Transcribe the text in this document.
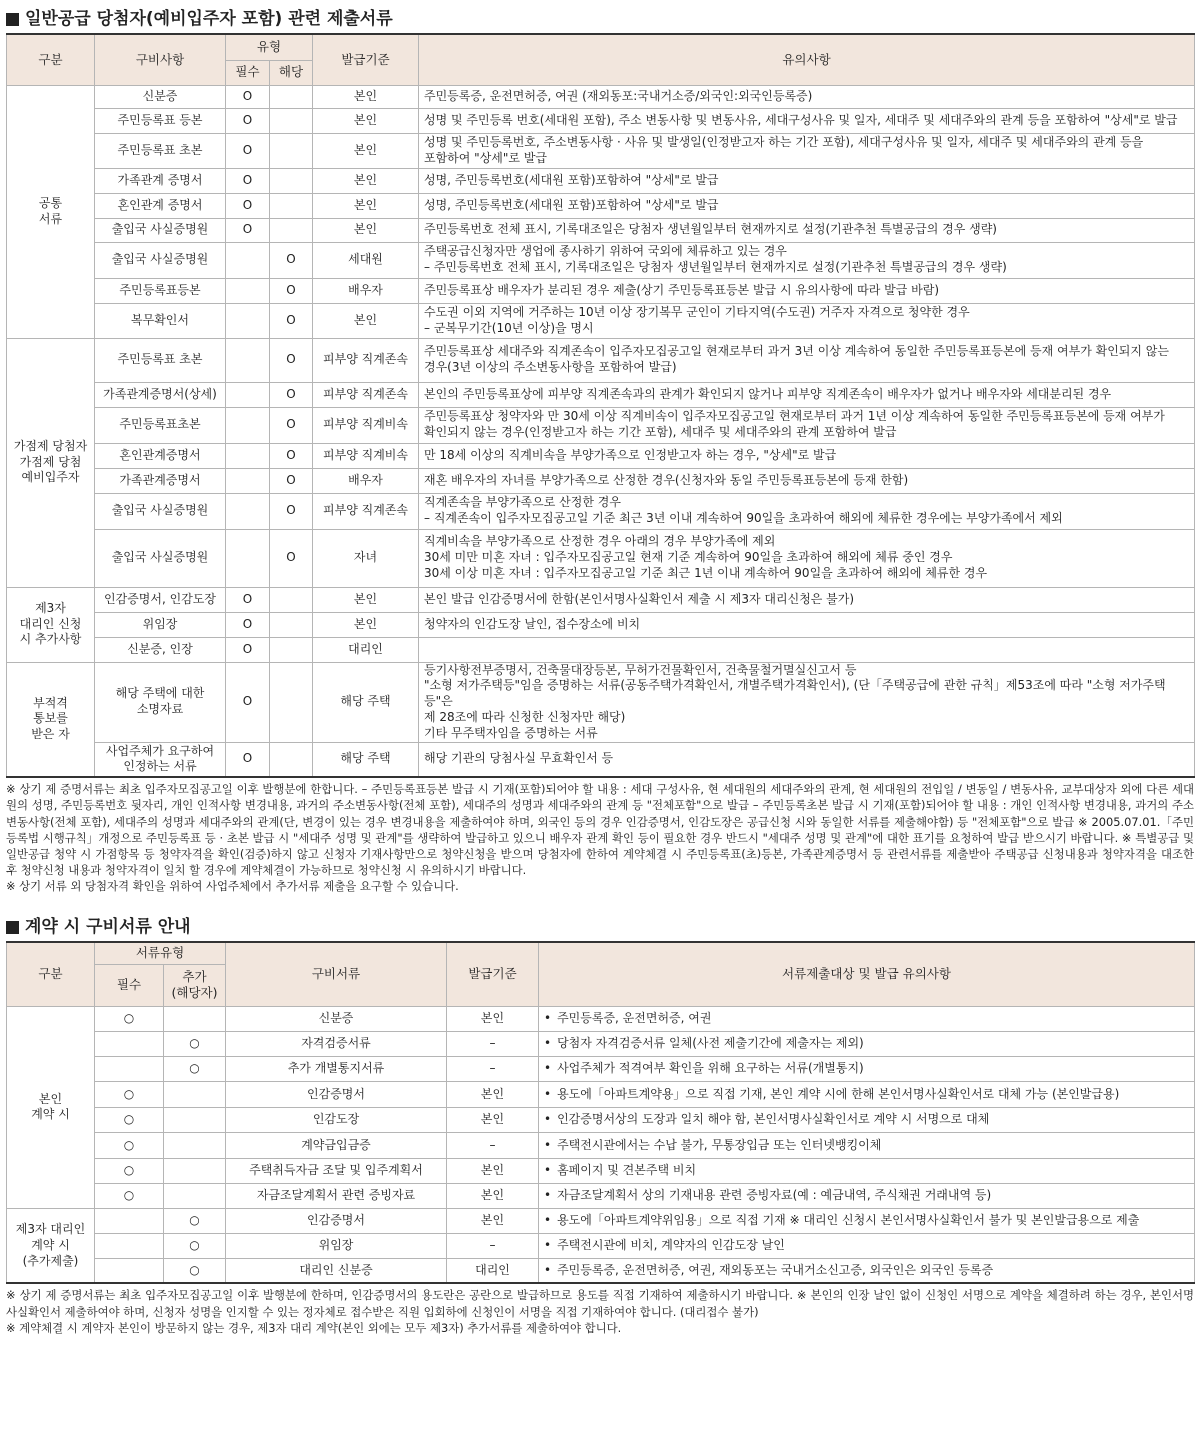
일반공급 당첨자(예비입주자 포함) 관련 제출서류
구분	구비사항	유형		발급기준	유의사항
		필수	해당		
공통
서류	신분증	O		본인	주민등록증, 운전면허증, 여권 (재외동포:국내거소증/외국인:외국인등록증)
	주민등록표 등본	O		본인	성명 및 주민등록 번호(세대원 포함), 주소 변동사항 및 변동사유, 세대구성사유 및 일자, 세대주 및 세대주와의 관계 등을 포함하여 "상세"로 발급
	주민등록표 초본	O		본인	성명 및 주민등록번호, 주소변동사항 · 사유 및 발생일(인정받고자 하는 기간 포함), 세대구성사유 및 일자, 세대주 및 세대주와의 관계 등을
포함하여 "상세"로 발급
	가족관계 증명서	O		본인	성명, 주민등록번호(세대원 포함)포함하여 "상세"로 발급
	혼인관계 증명서	O		본인	성명, 주민등록번호(세대원 포함)포함하여 "상세"로 발급
	출입국 사실증명원	O		본인	주민등록번호 전체 표시, 기록대조일은 당첨자 생년월일부터 현재까지로 설정(기관추천 특별공급의 경우 생략)
	출입국 사실증명원		O	세대원	주택공급신청자만 생업에 종사하기 위하여 국외에 체류하고 있는 경우
– 주민등록번호 전체 표시, 기록대조일은 당첨자 생년월일부터 현재까지로 설정(기관추천 특별공급의 경우 생략)
	주민등록표등본		O	배우자	주민등록표상 배우자가 분리된 경우 제출(상기 주민등록표등본 발급 시 유의사항에 따라 발급 바람)
	복무확인서		O	본인	수도권 이외 지역에 거주하는 10년 이상 장기복무 군인이 기타지역(수도권) 거주자 자격으로 청약한 경우
– 군복무기간(10년 이상)을 명시
가점제 당첨자
가점제 당첨
예비입주자	주민등록표 초본		O	피부양 직계존속	주민등록표상 세대주와 직계존속이 입주자모집공고일 현재로부터 과거 3년 이상 계속하여 동일한 주민등록표등본에 등재 여부가 확인되지 않는
경우(3년 이상의 주소변동사항을 포함하여 발급)
	가족관계증명서(상세)		O	피부양 직계존속	본인의 주민등록표상에 피부양 직계존속과의 관계가 확인되지 않거나 피부양 직계존속이 배우자가 없거나 배우자와 세대분리된 경우
	주민등록표초본		O	피부양 직계비속	주민등록표상 청약자와 만 30세 이상 직계비속이 입주자모집공고일 현재로부터 과거 1년 이상 계속하여 동일한 주민등록표등본에 등재 여부가
확인되지 않는 경우(인정받고자 하는 기간 포함), 세대주 및 세대주와의 관계 포함하여 발급
	혼인관계증명서		O	피부양 직계비속	만 18세 이상의 직계비속을 부양가족으로 인정받고자 하는 경우, "상세"로 발급
	가족관계증명서		O	배우자	재혼 배우자의 자녀를 부양가족으로 산정한 경우(신청자와 동일 주민등록표등본에 등재 한함)
	출입국 사실증명원		O	피부양 직계존속	직계존속을 부양가족으로 산정한 경우
– 직계존속이 입주자모집공고일 기준 최근 3년 이내 계속하여 90일을 초과하여 해외에 체류한 경우에는 부양가족에서 제외
	출입국 사실증명원		O	자녀	직계비속을 부양가족으로 산정한 경우 아래의 경우 부양가족에 제외
30세 미만 미혼 자녀 : 입주자모집공고일 현재 기준 계속하여 90일을 초과하여 해외에 체류 중인 경우
30세 이상 미혼 자녀 : 입주자모집공고일 기준 최근 1년 이내 계속하여 90일을 초과하여 해외에 체류한 경우
제3자
대리인 신청
시 추가사항	인감증명서, 인감도장	O		본인	본인 발급 인감증명서에 한함(본인서명사실확인서 제출 시 제3자 대리신청은 불가)
	위임장	O		본인	청약자의 인감도장 날인, 접수장소에 비치
	신분증, 인장	O		대리인	
부적격
통보를
받은 자	해당 주택에 대한
소명자료	O		해당 주택	등기사항전부증명서, 건축물대장등본, 무허가건물확인서, 건축물철거멸실신고서 등
"소형 저가주택등"임을 증명하는 서류(공동주택가격확인서, 개별주택가격확인서), (단「주택공급에 관한 규칙」제53조에 따라 "소형 저가주택등"은
제 28조에 따라 신청한 신청자만 해당)
기타 무주택자임을 증명하는 서류
	사업주체가 요구하여
인정하는 서류	O		해당 주택	해당 기관의 당첨사실 무효확인서 등

※ 상기 제 증명서류는 최초 입주자모집공고일 이후 발행분에 한합니다. – 주민등록표등본 발급 시 기재(포함)되어야 할 내용 : 세대 구성사유, 현 세대원의 세대주와의 관계, 현 세대원의 전입일 / 변동일 / 변동사유, 교부대상자 외에 다른 세대원의 성명, 주민등록번호 뒷자리, 개인 인적사항 변경내용, 과거의 주소변동사항(전체 포함), 세대주의 성명과 세대주와의 관계 등 "전체포함"으로 발급 – 주민등록초본 발급 시 기재(포함)되어야 할 내용 : 개인 인적사항 변경내용, 과거의 주소변동사항(전체 포함), 세대주의 성명과 세대주와의 관계(단, 변경이 있는 경우 변경내용을 제출하여야 하며, 외국인 등의 경우 인감증명서, 인감도장은 공급신청 시와 동일한 서류를 제출해야함) 등 "전체포함"으로 발급 ※ 2005.07.01.「주민등록법 시행규칙」개정으로 주민등록표 등 · 초본 발급 시 "세대주 성명 및 관계"를 생략하여 발급하고 있으니 배우자 관계 확인 등이 필요한 경우 반드시 "세대주 성명 및 관계"에 대한 표기를 요청하여 발급 받으시기 바랍니다. ※ 특별공급 및 일반공급 청약 시 가점항목 등 청약자격을 확인(검증)하지 않고 신청자 기재사항만으로 청약신청을 받으며 당첨자에 한하여 계약체결 시 주민등록표(초)등본, 가족관계증명서 등 관련서류를 제출받아 주택공급 신청내용과 청약자격을 대조한 후 청약신청 내용과 청약자격이 일치 할 경우에 계약체결이 가능하므로 청약신청 시 유의하시기 바랍니다.

※ 상기 서류 외 당첨자격 확인을 위하여 사업주체에서 추가서류 제출을 요구할 수 있습니다.

계약 시 구비서류 안내
구분	서류유형		구비서류	발급기준	서류제출대상 및 발급 유의사항
	필수	추가
(해당자)			
본인
계약 시	○		신분증	본인	• 주민등록증, 운전면허증, 여권
		○	자격검증서류	–	• 당첨자 자격검증서류 일체(사전 제출기간에 제출자는 제외)
		○	추가 개별통지서류	–	• 사업주체가 적격여부 확인을 위해 요구하는 서류(개별통지)
	○		인감증명서	본인	• 용도에「아파트계약용」으로 직접 기재, 본인 계약 시에 한해 본인서명사실확인서로 대체 가능 (본인발급용)
	○		인감도장	본인	• 인감증명서상의 도장과 일치 해야 함, 본인서명사실확인서로 계약 시 서명으로 대체
	○		계약금입금증	–	• 주택전시관에서는 수납 불가, 무통장입금 또는 인터넷뱅킹이체
	○		주택취득자금 조달 및 입주계획서	본인	• 홈페이지 및 견본주택 비치
	○		자금조달계획서 관련 증빙자료	본인	• 자금조달계획서 상의 기재내용 관련 증빙자료(예 : 예금내역, 주식채권 거래내역 등)
제3자 대리인
계약 시
(추가제출)		○	인감증명서	본인	• 용도에「아파트계약위임용」으로 직접 기재 ※ 대리인 신청시 본인서명사실확인서 불가 및 본인발급용으로 제출
		○	위임장	–	• 주택전시관에 비치, 계약자의 인감도장 날인
		○	대리인 신분증	대리인	• 주민등록증, 운전면허증, 여권, 재외동포는 국내거소신고증, 외국인은 외국인 등록증

※ 상기 제 증명서류는 최초 입주자모집공고일 이후 발행분에 한하며, 인감증명서의 용도란은 공란으로 발급하므로 용도를 직접 기재하여 제출하시기 바랍니다. ※ 본인의 인장 날인 없이 신청인 서명으로 계약을 체결하려 하는 경우, 본인서명사실확인서 제출하여야 하며, 신청자 성명을 인지할 수 있는 정자체로 접수받은 직원 입회하에 신청인이 서명을 직접 기재하여야 합니다. (대리접수 불가)

※ 계약체결 시 계약자 본인이 방문하지 않는 경우, 제3자 대리 계약(본인 외에는 모두 제3자) 추가서류를 제출하여야 합니다.
